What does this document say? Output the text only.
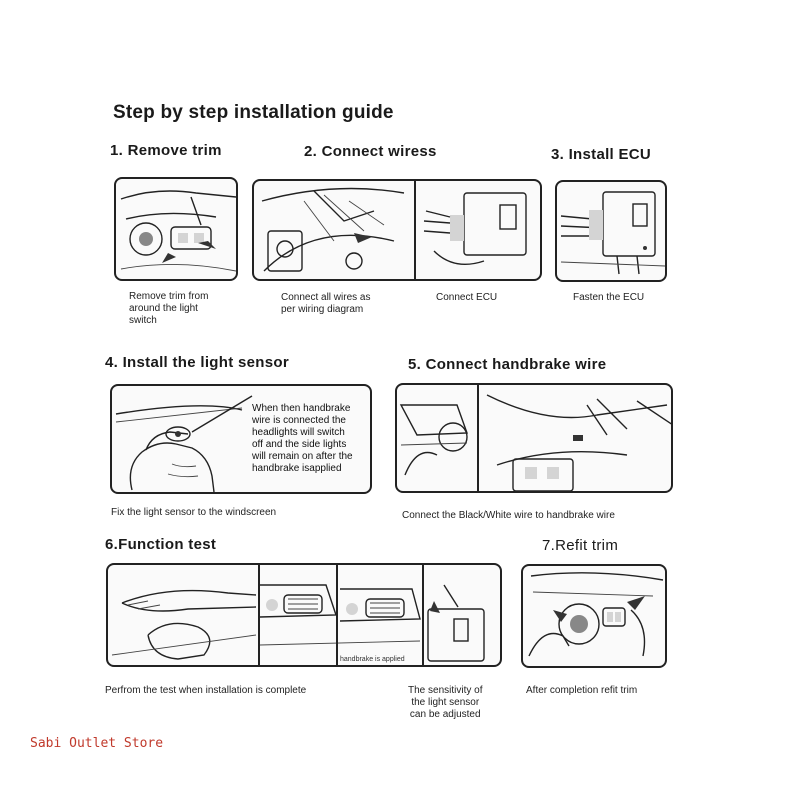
Step by step installation guide
1. Remove trim
Remove trim from
around the light
switch
2. Connect wiress
Connect all wires as
per wiring diagram
Connect ECU
3. Install ECU
Fasten the ECU
4. Install the light sensor
When then handbrake
wire is connected the
headlights will switch
off and the side lights
will remain on after the
handbrake isapplied
Fix the light sensor to the windscreen
5. Connect handbrake wire
Connect the Black/White wire to handbrake wire
6.Function test
handbrake is applied
Perfrom the test when installation is complete	The sensitivity of
the light sensor
can be adjusted
7.Refit trim
After completion refit trim
Sabi Outlet Store
